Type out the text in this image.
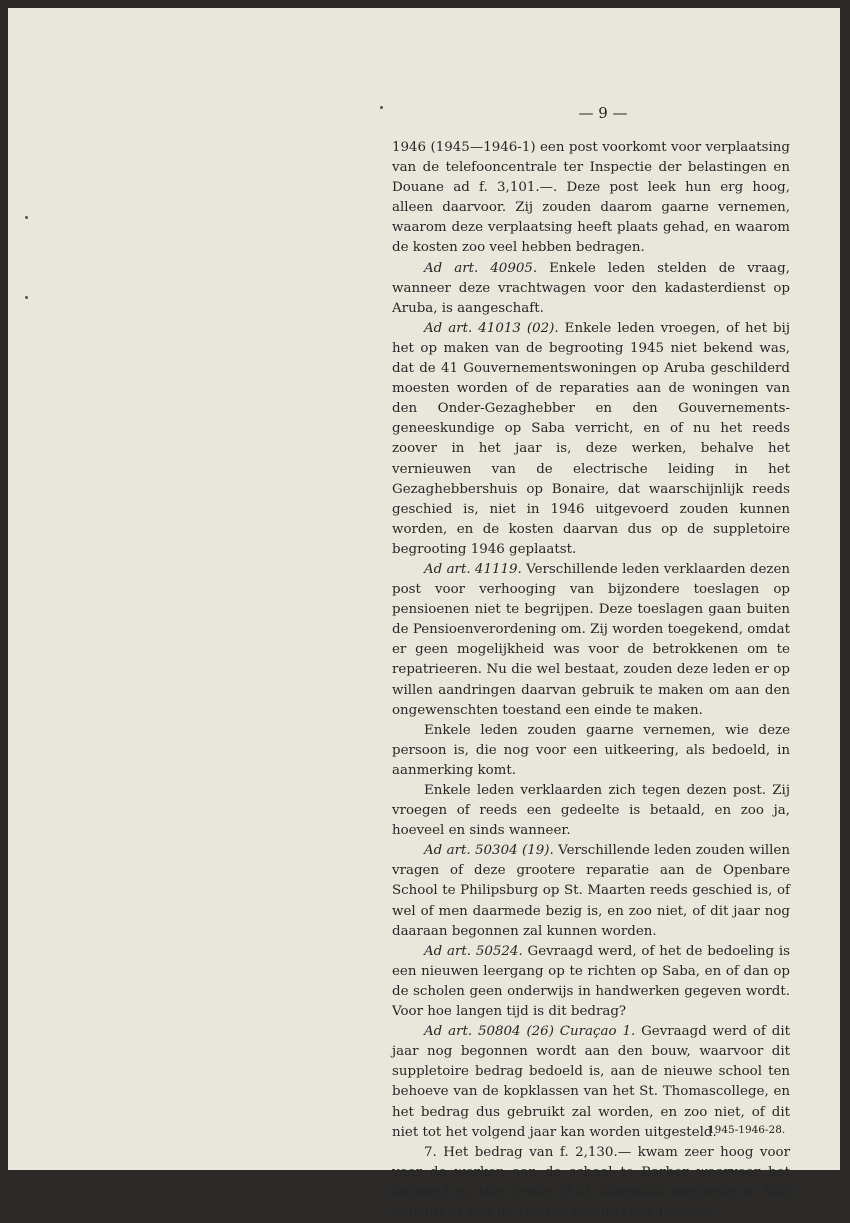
— 9 —

1946 (1945—1946-1) een post voorkomt voor verplaatsing van de telefooncentrale ter Inspectie der belastingen en Douane ad f. 3,101.—. Deze post leek hun erg hoog, alleen daarvoor. Zij zouden daarom gaarne vernemen, waarom deze verplaatsing heeft plaats gehad, en waarom de kosten zoo veel hebben bedragen.

Ad art. 40905. Enkele leden stelden de vraag, wanneer deze vrachtwagen voor den kadasterdienst op Aruba, is aangeschaft.

Ad art. 41013 (02). Enkele leden vroegen, of het bij het op maken van de begrooting 1945 niet bekend was, dat de 41 Gouvernementswoningen op Aruba geschilderd moesten worden of de reparaties aan de woningen van den Onder-Gezaghebber en den Gouvernements-geneeskundige op Saba verricht, en of nu het reeds zoover in het jaar is, deze werken, behalve het vernieuwen van de electrische leiding in het Gezaghebbershuis op Bonaire, dat waarschijnlijk reeds geschied is, niet in 1946 uitgevoerd zouden kunnen worden, en de kosten daarvan dus op de suppletoire begrooting 1946 geplaatst.

Ad art. 41119. Verschillende leden verklaarden dezen post voor verhooging van bijzondere toeslagen op pensioenen niet te begrijpen. Deze toeslagen gaan buiten de Pensioenverordening om. Zij worden toegekend, omdat er geen mogelijkheid was voor de betrokkenen om te repatrieeren. Nu die wel bestaat, zouden deze leden er op willen aandringen daarvan gebruik te maken om aan den ongewenschten toestand een einde te maken.

Enkele leden zouden gaarne vernemen, wie deze persoon is, die nog voor een uitkeering, als bedoeld, in aanmerking komt.

Enkele leden verklaarden zich tegen dezen post. Zij vroegen of reeds een gedeelte is betaald, en zoo ja, hoeveel en sinds wanneer.

Ad art. 50304 (19). Verschillende leden zouden willen vragen of deze grootere reparatie aan de Openbare School te Philipsburg op St. Maarten reeds geschied is, of wel of men daarmede bezig is, en zoo niet, of dit jaar nog daaraan begonnen zal kunnen worden.

Ad art. 50524. Gevraagd werd, of het de bedoeling is een nieuwen leergang op te richten op Saba, en of dan op de scholen geen onderwijs in handwerken gegeven wordt. Voor hoe langen tijd is dit bedrag?

Ad art. 50804 (26) Curaçao 1. Gevraagd werd of dit jaar nog begonnen wordt aan den bouw, waarvoor dit suppletoire bedrag bedoeld is, aan de nieuwe school ten behoeve van de kopklassen van het St. Thomascollege, en het bedrag dus gebruikt zal worden, en zoo niet, of dit niet tot het volgend jaar kan worden uitgesteld.

7. Het bedrag van f. 2,130.— kwam zeer hoog voor voor de werken aan de school te Barber waarvoor het bestemd is. Men vroeg of al daarmede begonnen is. Wat gebeurt er aan de vloeren van de twee lokalen?

1945-1946-28.
